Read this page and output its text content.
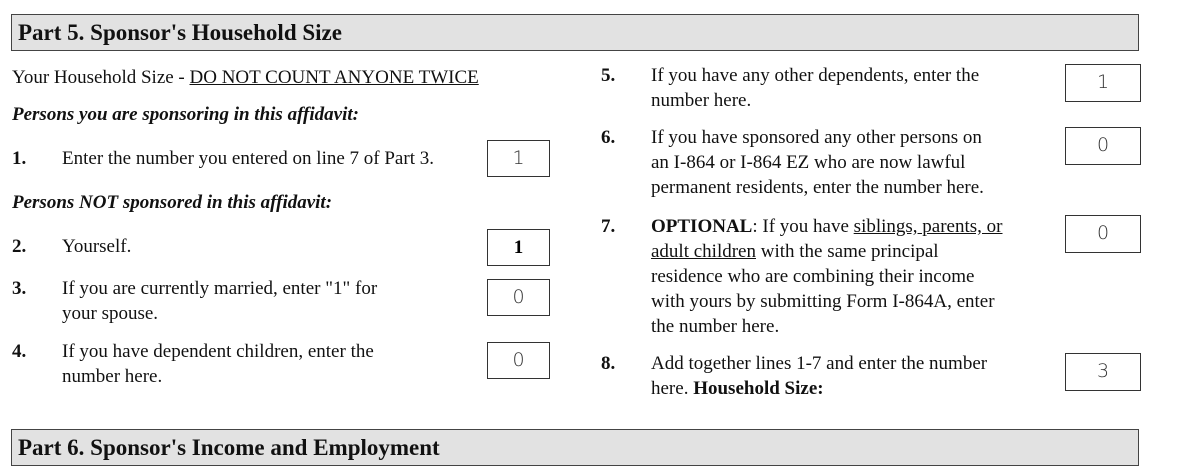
Part 5. Sponsor's Household Size
Your Household Size - DO NOT COUNT ANYONE TWICE
Persons you are sponsoring in this affidavit:
1. Enter the number you entered on line 7 of Part 3.	1
Persons NOT sponsored in this affidavit:
2. Yourself.	1
3. If you are currently married, enter "1" for
your spouse.
0
4. If you have dependent children, enter the
number here.
0
5. If you have any other dependents, enter the
number here.
1
6. If you have sponsored any other persons on
an I-864 or I-864 EZ who are now lawful
permanent residents, enter the number here.
0
7. OPTIONAL: If you have siblings, parents, or
adult children with the same principal
residence who are combining their income
with yours by submitting Form I-864A, enter
the number here.
0
8. Add together lines 1-7 and enter the number
here. Household Size:
3
Part 6. Sponsor's Income and Employment
